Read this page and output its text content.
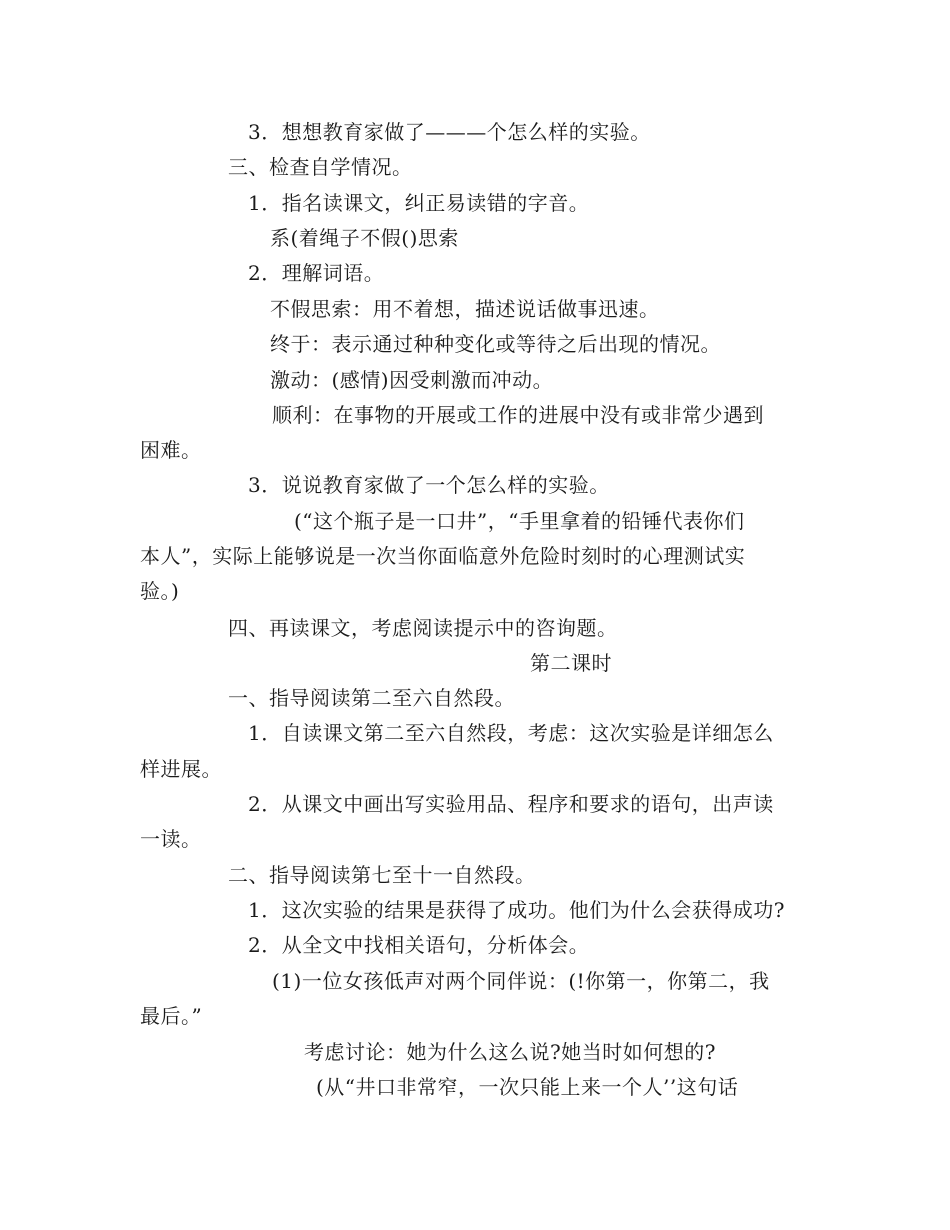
3．想想教育家做了———个怎么样的实验。

三、检查自学情况。

1．指名读课文，纠正易读错的字音。

系(着绳子不假()思索

2．理解词语。

不假思索：用不着想，描述说话做事迅速。

终于：表示通过种种变化或等待之后出现的情况。

激动：(感情)因受刺激而冲动。

顺利：在事物的开展或工作的进展中没有或非常少遇到

困难。

3．说说教育家做了一个怎么样的实验。

(“这个瓶子是一口井”，“手里拿着的铅锤代表你们

本人”，实际上能够说是一次当你面临意外危险时刻时的心理测试实

验。)

四、再读课文，考虑阅读提示中的咨询题。

第二课时

一、指导阅读第二至六自然段。

1．自读课文第二至六自然段，考虑：这次实验是详细怎么

样进展。

2．从课文中画出写实验用品、程序和要求的语句，出声读

一读。

二、指导阅读第七至十一自然段。

1．这次实验的结果是获得了成功。他们为什么会获得成功?

2．从全文中找相关语句，分析体会。

(1)一位女孩低声对两个同伴说：(!你第一，你第二，我

最后。”

考虑讨论：她为什么这么说?她当时如何想的?

(从“井口非常窄，一次只能上来一个人’’这句话
